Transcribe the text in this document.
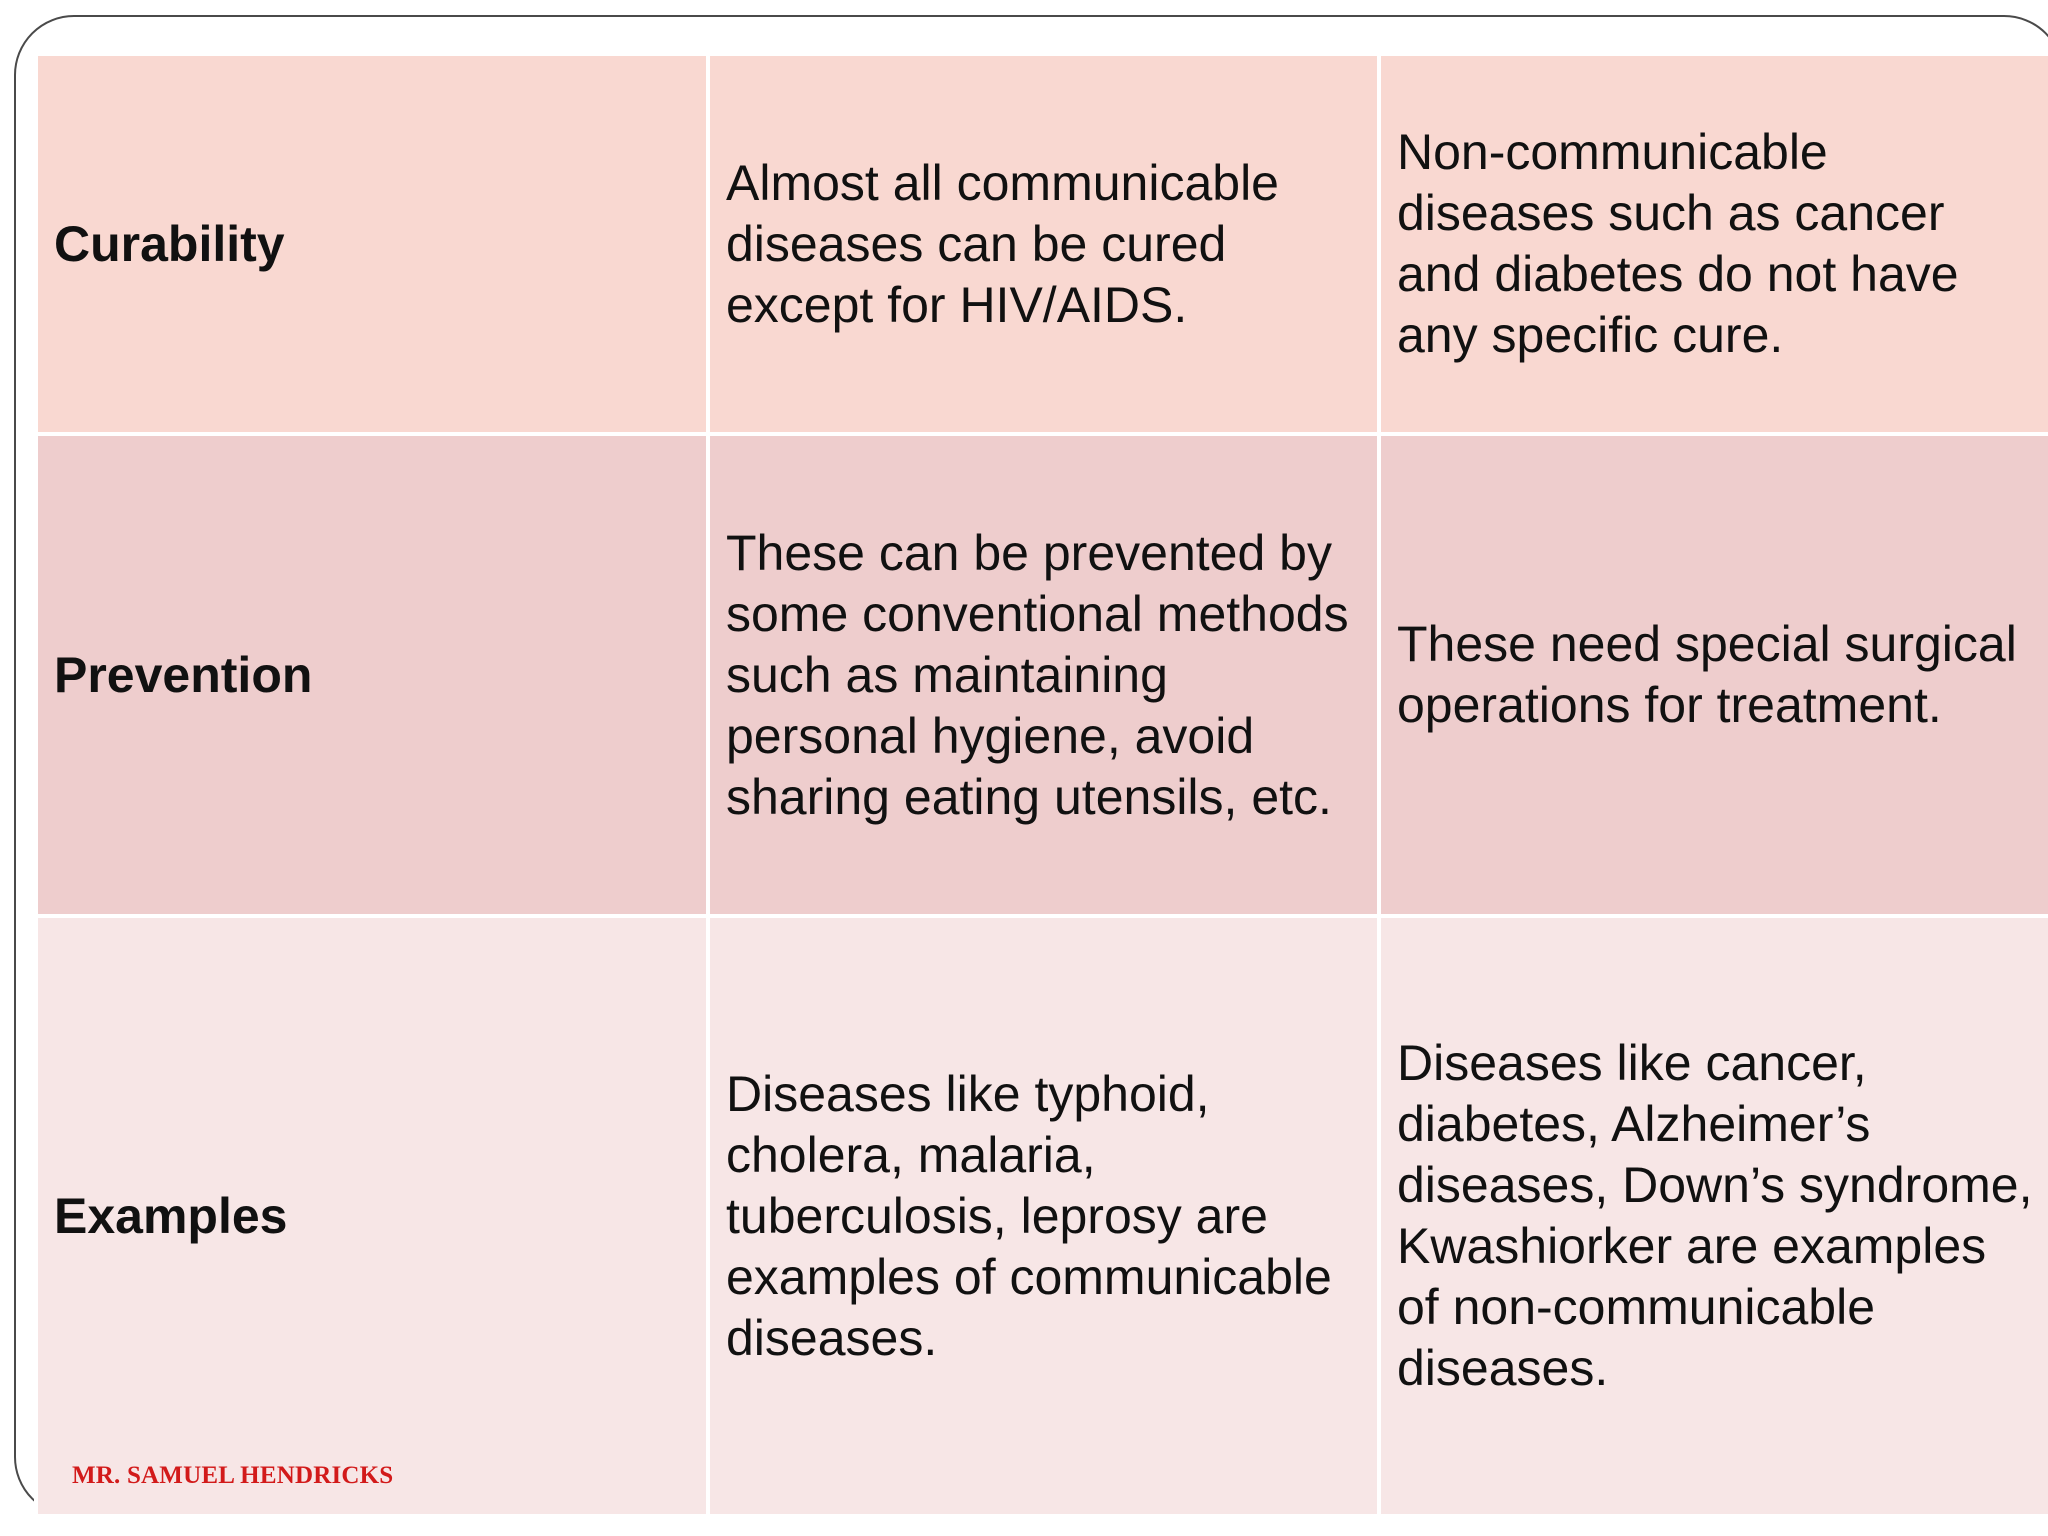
Curability	Almost all communicable diseases can be cured except for HIV/AIDS.	Non-communicable diseases such as cancer and diabetes do not have any specific cure.
Prevention	These can be prevented by some conventional methods such as maintaining personal hygiene, avoid sharing eating utensils, etc.	These need special surgical operations for treatment.
Examples	Diseases like typhoid, cholera, malaria, tuberculosis, leprosy are examples of communicable diseases.	Diseases like cancer, diabetes, Alzheimer’s diseases, Down’s syndrome, Kwashiorker are examples of non-communicable diseases.
MR. SAMUEL HENDRICKS
